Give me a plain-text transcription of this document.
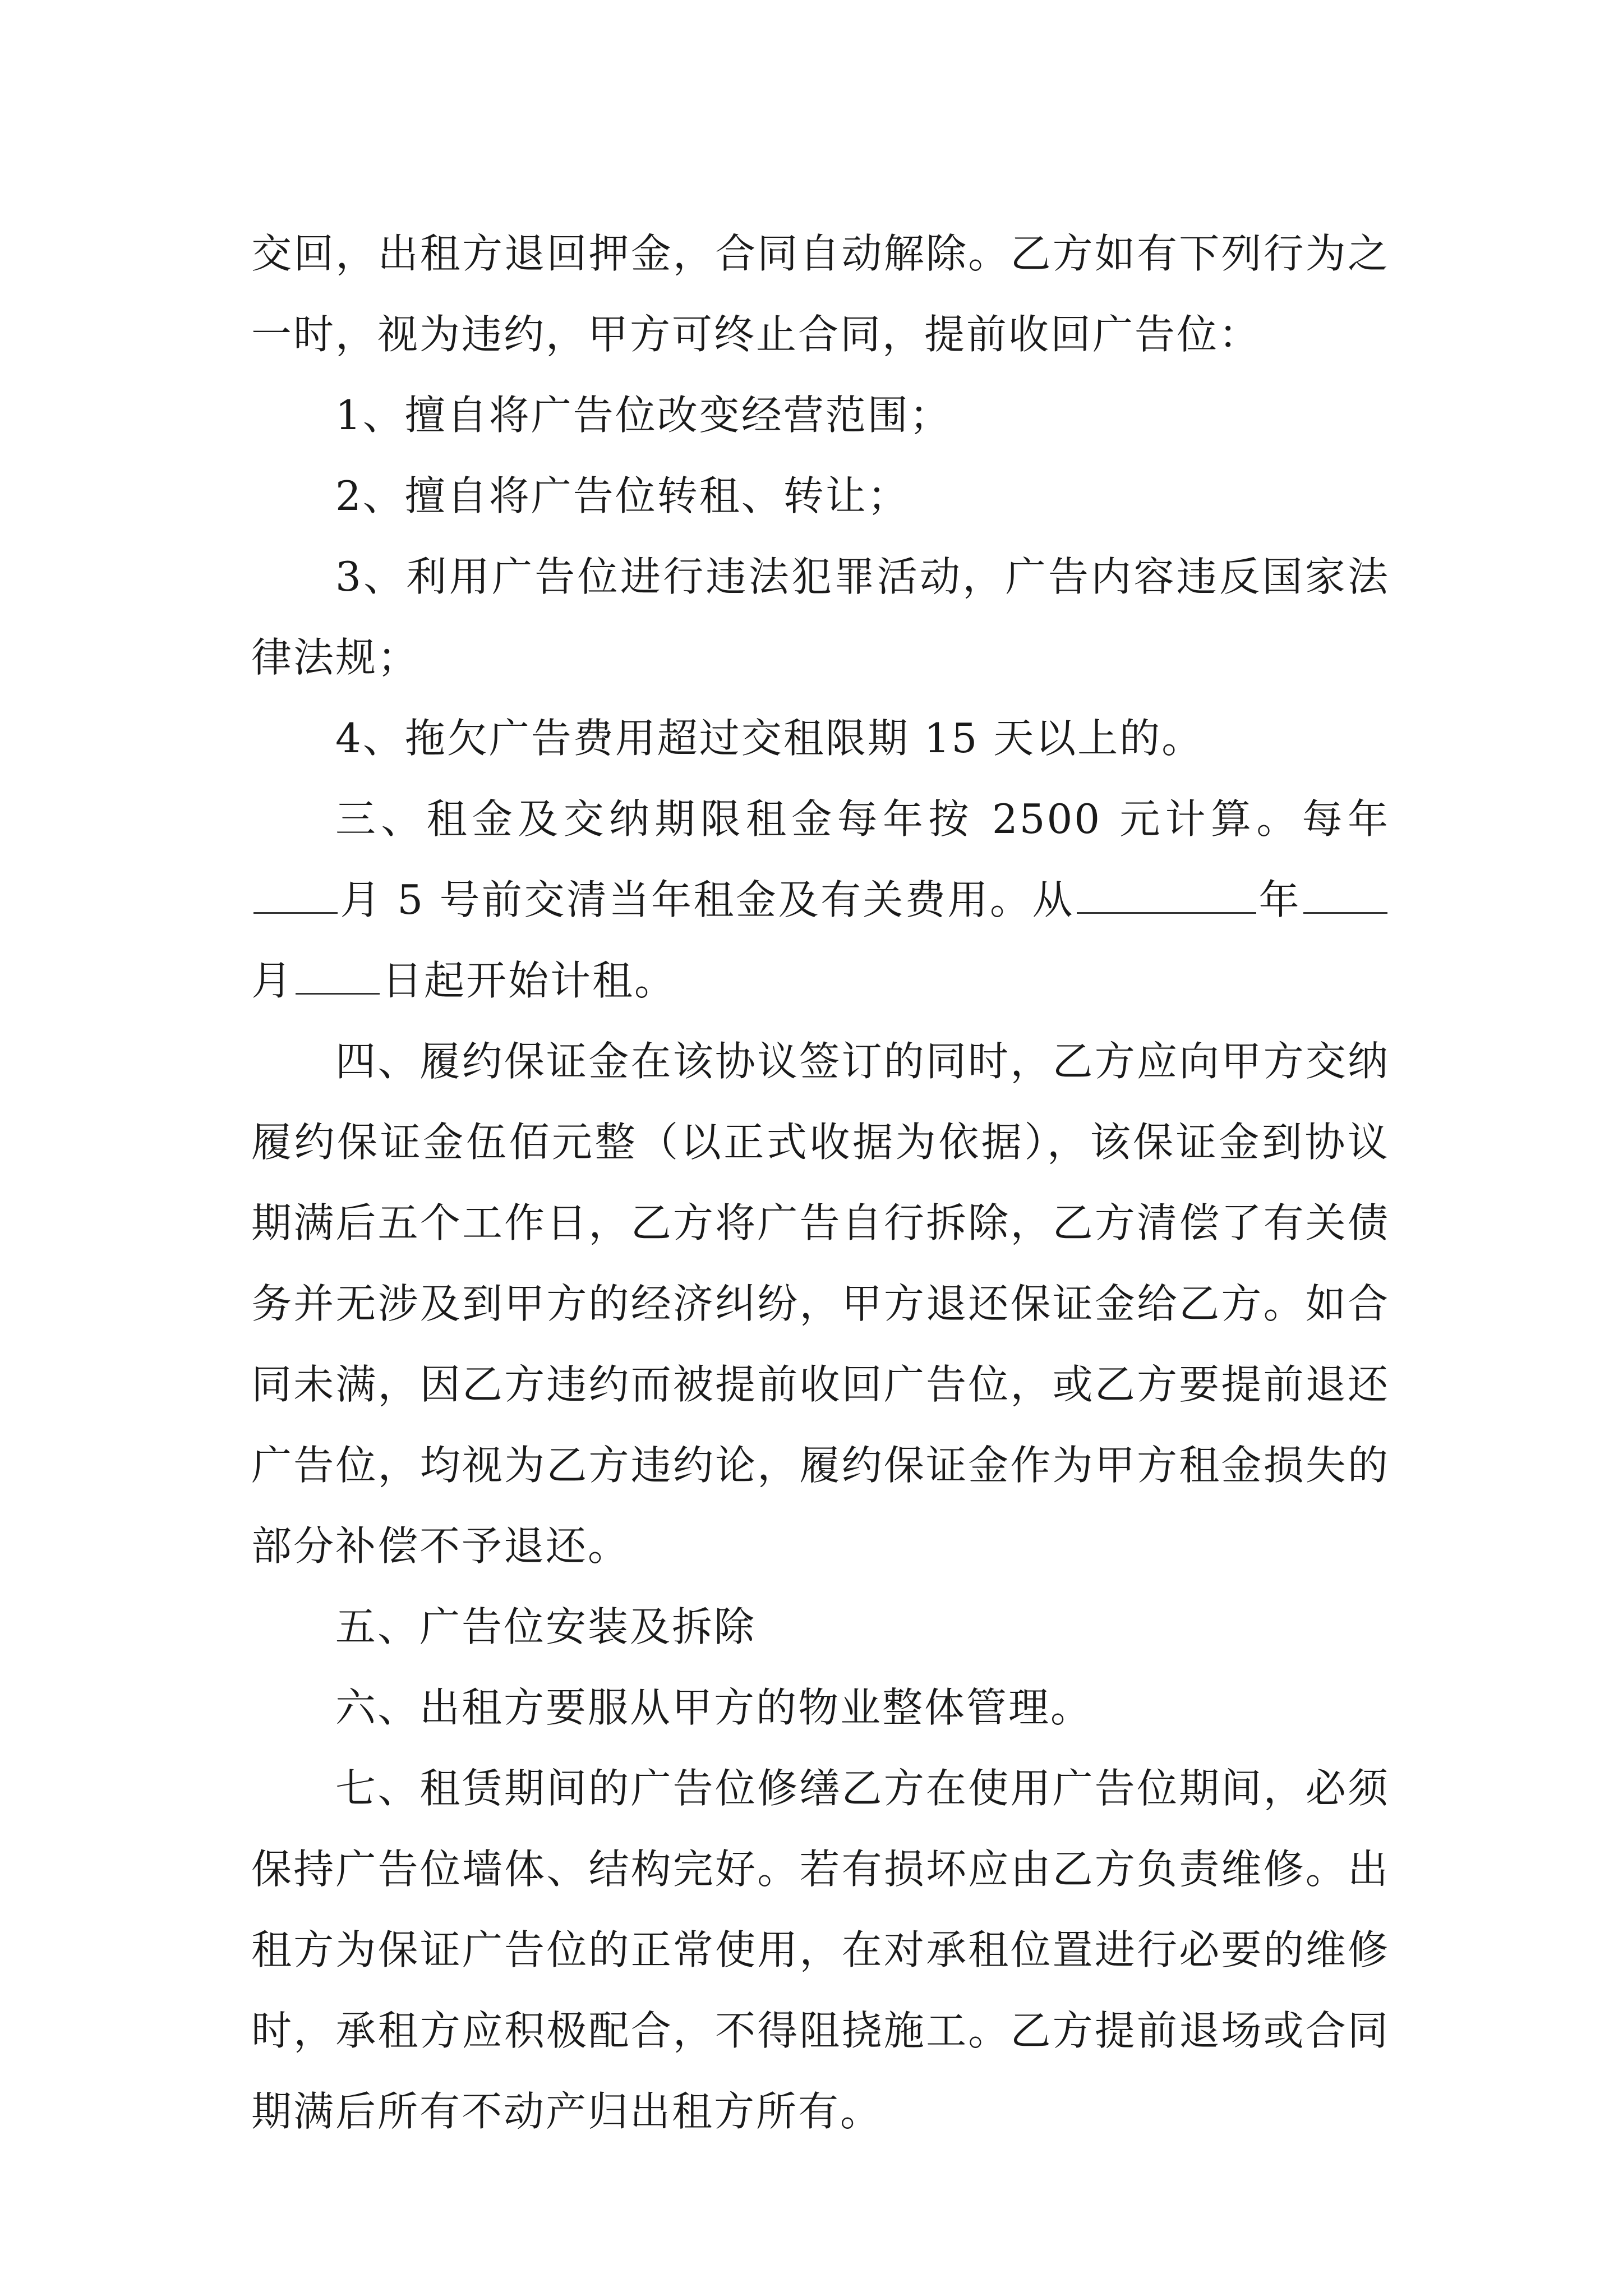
交回，出租方退回押金，合同自动解除。乙方如有下列行为之一时，视为违约，甲方可终止合同，提前收回广告位：

1、擅自将广告位改变经营范围；

2、擅自将广告位转租、转让；

3、利用广告位进行违法犯罪活动，广告内容违反国家法律法规；

4、拖欠广告费用超过交租限期 15 天以上的。

三、租金及交纳期限租金每年按 2500 元计算。每年月 5 号前交清当年租金及有关费用。从	年月 日起开始计租。

四、履约保证金在该协议签订的同时，乙方应向甲方交纳履约保证金伍佰元整（以正式收据为依据），该保证金到协议期满后五个工作日，乙方将广告自行拆除，乙方清偿了有关债务并无涉及到甲方的经济纠纷，甲方退还保证金给乙方。如合同未满，因乙方违约而被提前收回广告位，或乙方要提前退还广告位，均视为乙方违约论，履约保证金作为甲方租金损失的部分补偿不予退还。

五、广告位安装及拆除

六、出租方要服从甲方的物业整体管理。

七、租赁期间的广告位修缮乙方在使用广告位期间，必须保持广告位墙体、结构完好。若有损坏应由乙方负责维修。出租方为保证广告位的正常使用，在对承租位置进行必要的维修时，承租方应积极配合，不得阻挠施工。乙方提前退场或合同期满后所有不动产归出租方所有。
